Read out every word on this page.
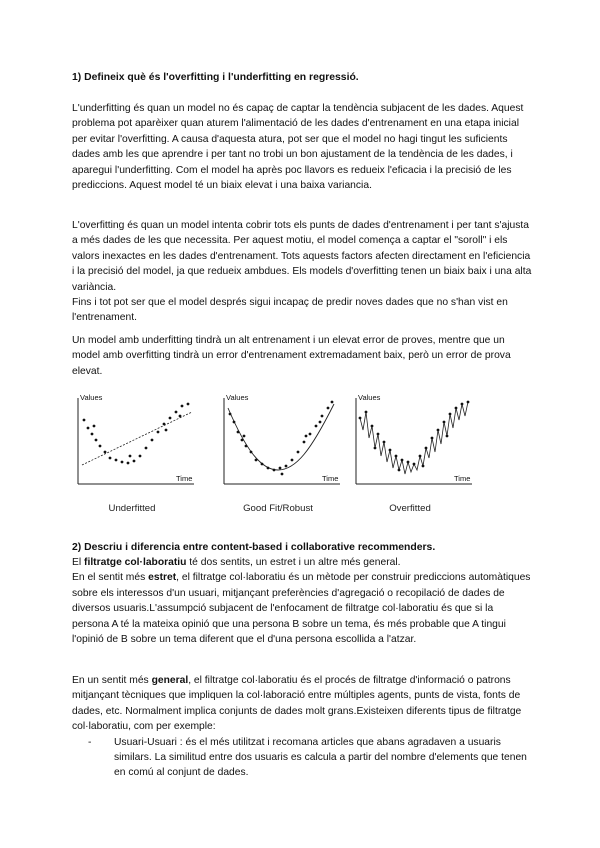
1) Defineix què és l'overfitting i l'underfitting en regressió.

L'underfitting és quan un model no és capaç de captar la tendència subjacent de les dades. Aquest problema pot aparèixer quan aturem l'alimentació de les dades d'entrenament en una etapa inicial per evitar l'overfitting. A causa d'aquesta atura, pot ser que el model no hagi tingut les suficients dades amb les que aprendre i per tant no trobi un bon ajustament de la tendència de les dades, i aparegui l'underfitting. Com el model ha après poc llavors es redueix l'eficacia i la precisió de les prediccions. Aquest model té un biaix elevat i una baixa variancia.

L'overfitting és quan un model intenta cobrir tots els punts de dades d'entrenament i per tant s'ajusta a més dades de les que necessita. Per aquest motiu, el model comença a captar el "soroll" i els valors inexactes en les dades d'entrenament. Tots aquests factors afecten directament en l'eficiencia i la precisió del model, ja que redueix ambdues. Els models d'overfitting tenen un biaix baix i una alta variància.

Fins i tot pot ser que el model després sigui incapaç de predir noves dades que no s'han vist en l'entrenament.

Un model amb underfitting tindrà un alt entrenament i un elevat error de proves, mentre que un model amb overfitting tindrà un error d'entrenament extremadament baix, però un error de prova elevat.

Values
Time
Underfitted
Values
Time
Good Fit/Robust
Values
Time
Overfitted
2) Descriu i diferencia entre content-based i collaborative recommenders.

El filtratge col·laboratiu té dos sentits, un estret i un altre més general.

En el sentit més estret, el filtratge col·laboratiu és un mètode per construir prediccions automàtiques sobre els interessos d'un usuari, mitjançant preferències d'agregació o recopilació de dades de diversos usuaris.L'assumpció subjacent de l'enfocament de filtratge col·laboratiu és que si la persona A té la mateixa opinió que una persona B sobre un tema, és més probable que A tingui l'opinió de B sobre un tema diferent que el d'una persona escollida a l'atzar.

En un sentit més general, el filtratge col·laboratiu és el procés de filtratge d'informació o patrons mitjançant tècniques que impliquen la col·laboració entre múltiples agents, punts de vista, fonts de dades, etc. Normalment implica conjunts de dades molt grans.Existeixen diferents tipus de filtratge col·laboratiu, com per exemple:

- Usuari-Usuari : és el més utilitzat i recomana articles que abans agradaven a usuaris similars. La similitud entre dos usuaris es calcula a partir del nombre d'elements que tenen en comú al conjunt de dades.
